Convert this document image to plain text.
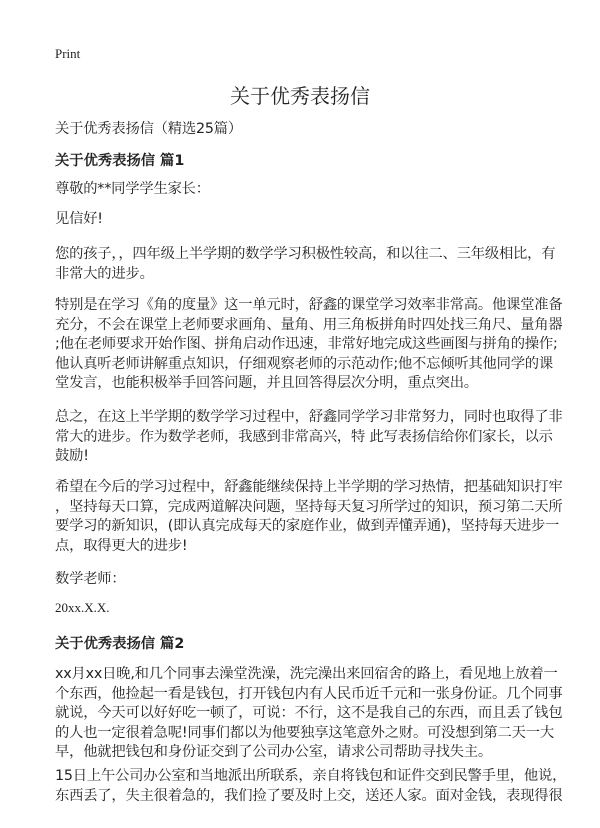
Print
关于优秀表扬信
关于优秀表扬信（精选25篇）
关于优秀表扬信 篇1
尊敬的**同学学生家长：
见信好!
您的孩子，，四年级上半学期的数学学习积极性较高，和以往二、三年级相比，有
非常大的进步。
特别是在学习《角的度量》这一单元时，舒鑫的课堂学习效率非常高。他课堂准备
充分，不会在课堂上老师要求画角、量角、用三角板拼角时四处找三角尺、量角器
;他在老师要求开始作图、拼角启动作迅速，非常好地完成这些画图与拼角的操作;
他认真听老师讲解重点知识，仔细观察老师的示范动作;他不忘倾听其他同学的课
堂发言，也能积极举手回答问题，并且回答得层次分明，重点突出。
总之，在这上半学期的数学学习过程中，舒鑫同学学习非常努力，同时也取得了非
常大的进步。作为数学老师，我感到非常高兴，特 此写表扬信给你们家长，以示
鼓励!
希望在今后的学习过程中，舒鑫能继续保持上半学期的学习热情，把基础知识打牢
，坚持每天口算，完成两道解决问题，坚持每天复习所学过的知识，预习第二天所
要学习的新知识，(即认真完成每天的家庭作业，做到弄懂弄通)，坚持每天进步一
点，取得更大的进步!
数学老师：
20xx.X.X.
关于优秀表扬信 篇2
xx月xx日晚,和几个同事去澡堂洗澡，洗完澡出来回宿舍的路上，看见地上放着一
个东西，他捡起一看是钱包，打开钱包内有人民币近千元和一张身份证。几个同事
就说，今天可以好好吃一顿了，可说：不行，这不是我自己的东西，而且丢了钱包
的人也一定很着急呢!同事们都以为他要独享这笔意外之财。可没想到第二天一大
早，他就把钱包和身份证交到了公司办公室，请求公司帮助寻找失主。
15日上午公司办公室和当地派出所联系，亲自将钱包和证件交到民警手里，他说，
东西丢了，失主很着急的，我们捡了要及时上交，送还人家。面对金钱，表现得很
